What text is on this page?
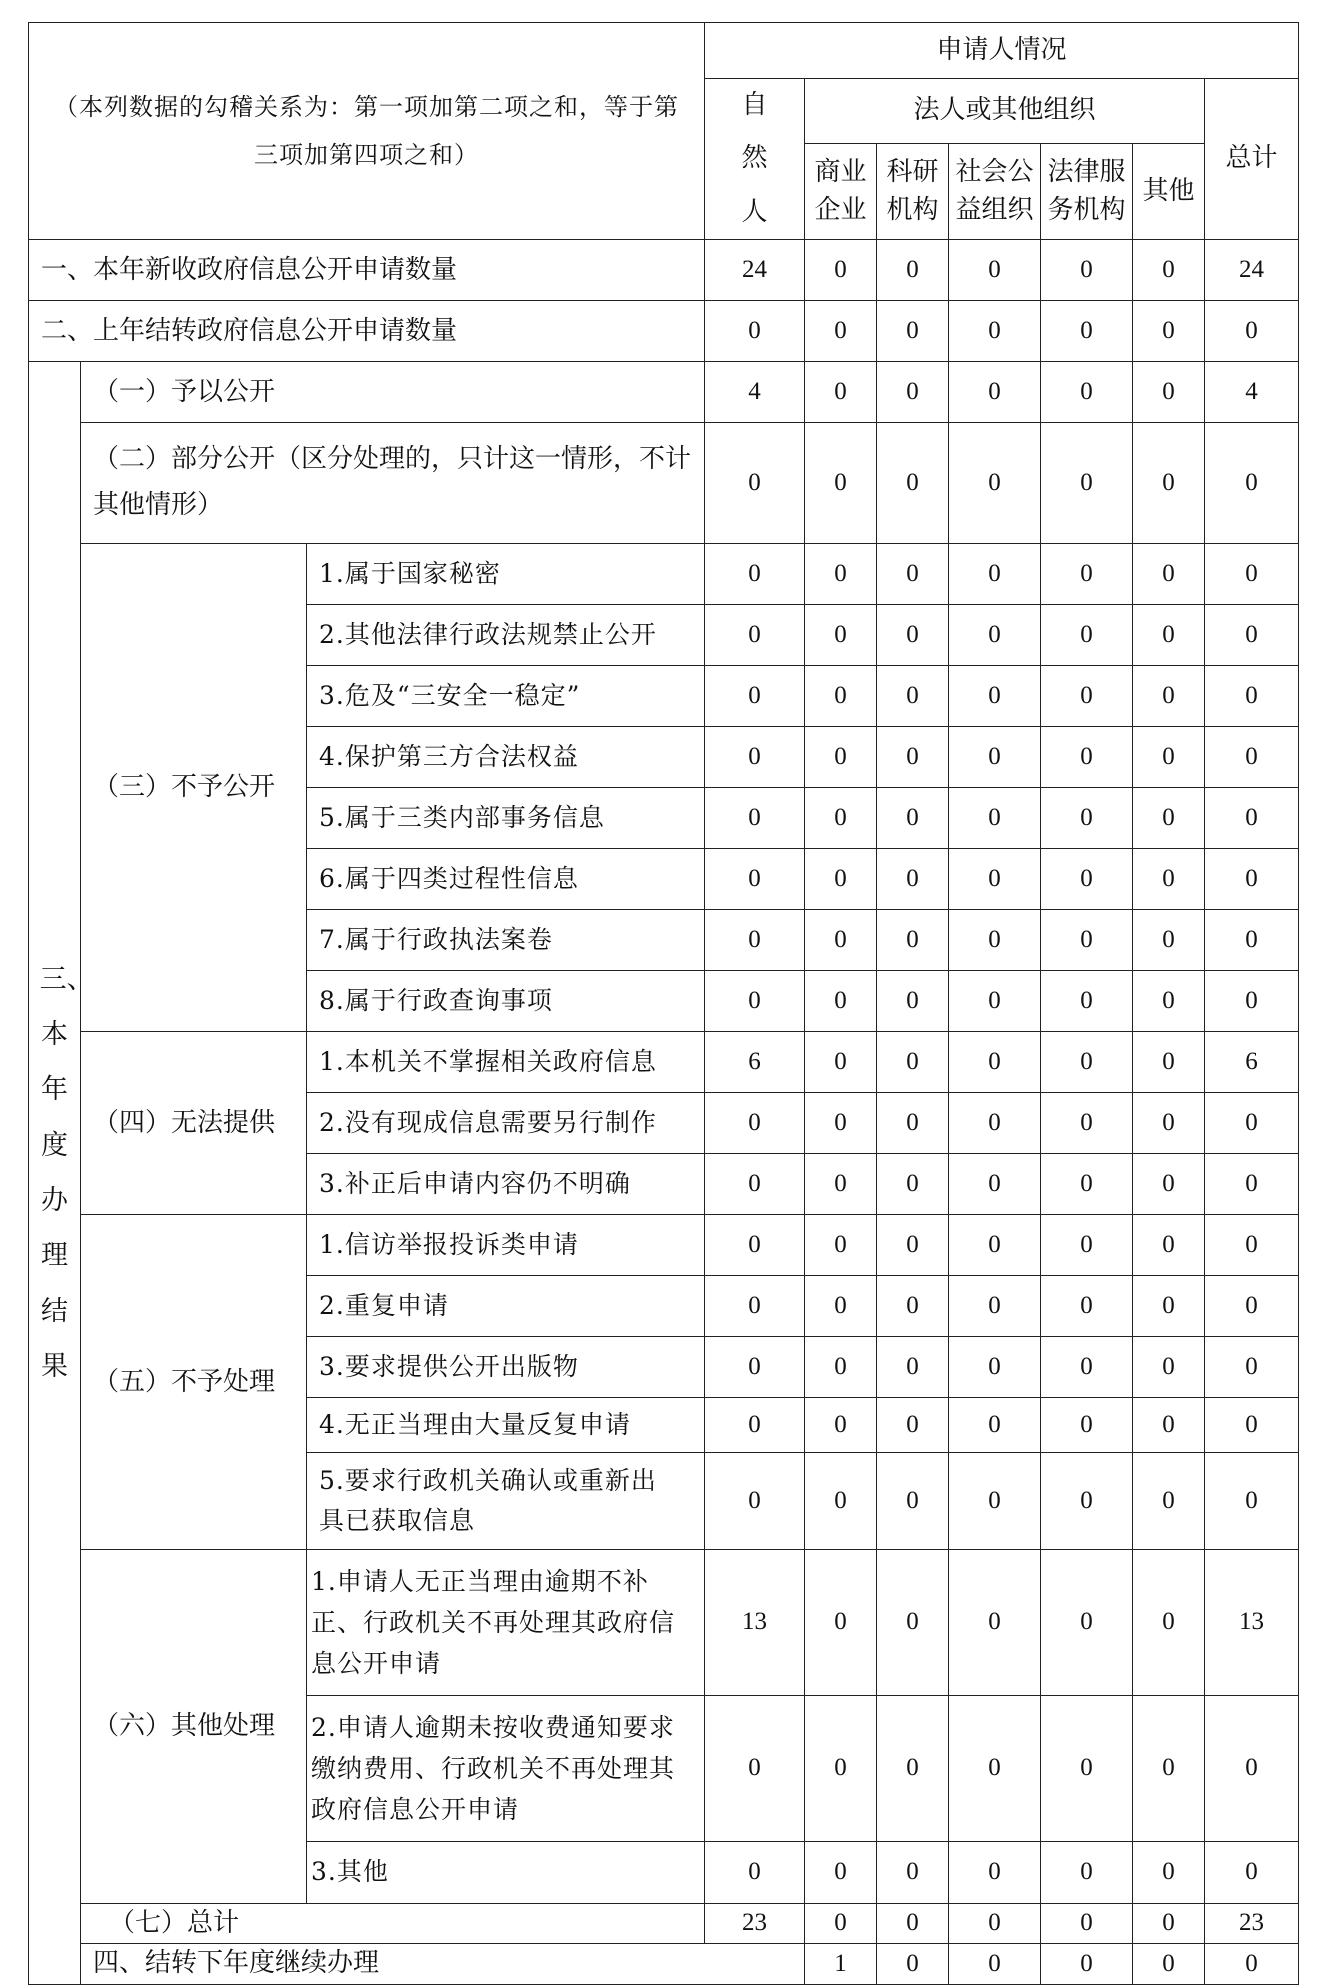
（本列数据的勾稽关系为：第一项加第二项之和，等于第三项加第四项之和）			申请人情况							
			自然人	法人或其他组织					总计	
				商业企业	科研机构	社会公益组织	法律服务机构	其他		
一、本年新收政府信息公开申请数量			24	0	0	0	0	0	24	
二、上年结转政府信息公开申请数量			0	0	0	0	0	0	0	
三、本年度办理结果	（一）予以公开		4	0	0	0	0	0	4	
	（二）部分公开（区分处理的，只计这一情形，不计其他情形）		0	0	0	0	0	0	0	
	（三）不予公开	1.属于国家秘密	0	0	0	0	0	0	0	
		2.其他法律行政法规禁止公开	0	0	0	0	0	0	0	
		3.危及“三安全一稳定”	0	0	0	0	0	0	0	
		4.保护第三方合法权益	0	0	0	0	0	0	0	
		5.属于三类内部事务信息	0	0	0	0	0	0	0	
		6.属于四类过程性信息	0	0	0	0	0	0	0	
		7.属于行政执法案卷	0	0	0	0	0	0	0	
		8.属于行政查询事项	0	0	0	0	0	0	0	
	（四）无法提供	1.本机关不掌握相关政府信息	6	0	0	0	0	0	6	
		2.没有现成信息需要另行制作	0	0	0	0	0	0	0	
		3.补正后申请内容仍不明确	0	0	0	0	0	0	0	
	（五）不予处理	1.信访举报投诉类申请	0	0	0	0	0	0	0	
		2.重复申请	0	0	0	0	0	0	0	
		3.要求提供公开出版物	0	0	0	0	0	0	0	
		4.无正当理由大量反复申请	0	0	0	0	0	0	0	
		5.要求行政机关确认或重新出具已获取信息	0	0	0	0	0	0	0	
	（六）其他处理	1.申请人无正当理由逾期不补正、行政机关不再处理其政府信息公开申请	13	0	0	0	0	0	13	
		2.申请人逾期未按收费通知要求缴纳费用、行政机关不再处理其政府信息公开申请	0	0	0	0	0	0	0	
		3.其他	0	0	0	0	0	0	0	
	（七）总计		23	0	0	0	0	0	23	
	四、结转下年度继续办理			1	0	0	0	0	0	
